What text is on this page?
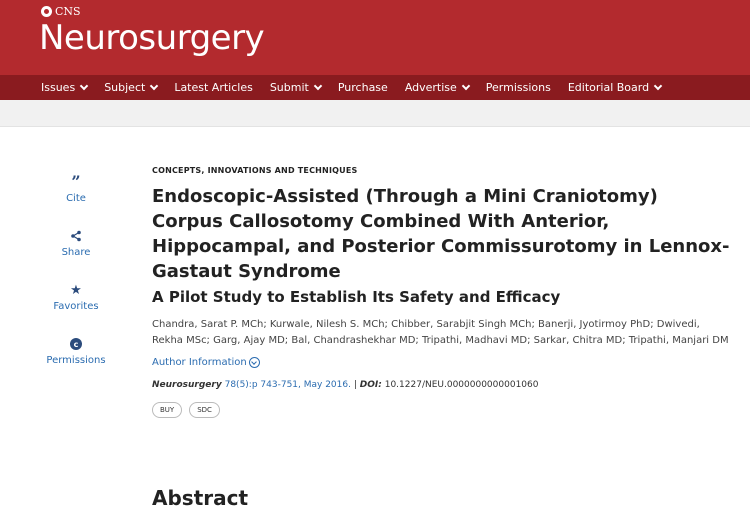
CNS
Neurosurgery
Issues	Subject	Latest Articles Submit	Purchase Advertise	Permissions Editorial Board
”
Cite
Share
★
Favorites
c
Permissions
CONCEPTS, INNOVATIONS AND TECHNIQUES
Endoscopic-Assisted (Through a Mini Craniotomy) Corpus Callosotomy Combined With Anterior, Hippocampal, and Posterior Commissurotomy in Lennox-Gastaut Syndrome
A Pilot Study to Establish Its Safety and Efficacy
Chandra, Sarat P. MCh; Kurwale, Nilesh S. MCh; Chibber, Sarabjit Singh MCh; Banerji, Jyotirmoy PhD; Dwivedi, Rekha MSc; Garg, Ajay MD; Bal, Chandrashekhar MD; Tripathi, Madhavi MD; Sarkar, Chitra MD; Tripathi, Manjari DM
Author Information
Neurosurgery 78(5):p 743-751, May 2016. | DOI: 10.1227/NEU.0000000000001060
BUY	SDC
Abstract
